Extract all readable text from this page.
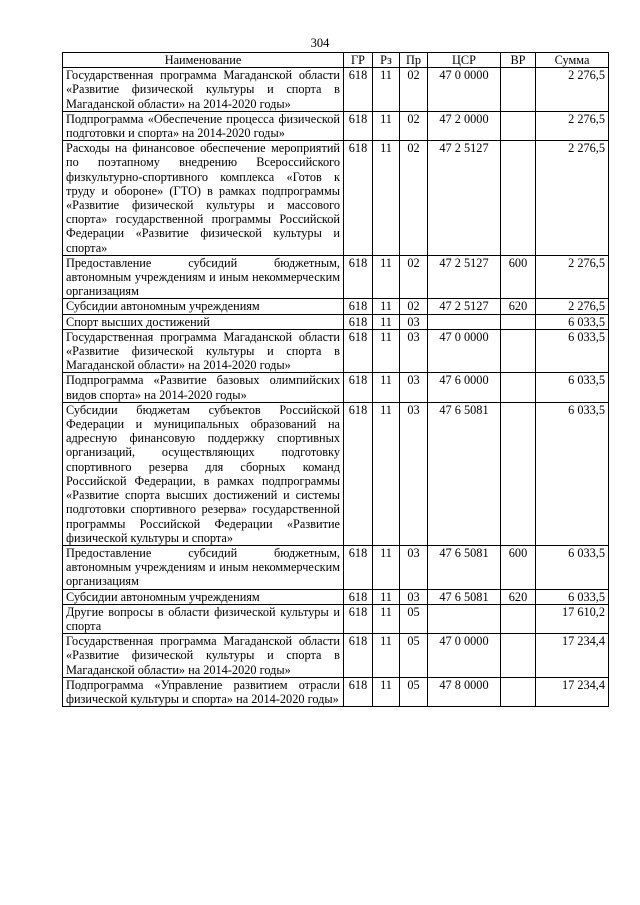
304
Наименование	ГР	Рз	Пр	ЦСР	ВР	Сумма
Государственная программа Магаданской области «Развитие физической культуры и спорта в Магаданской области» на 2014-2020 годы»	618	11	02	47 0 0000		2 276,5
Подпрограмма «Обеспечение процесса физической подготовки и спорта» на 2014-2020 годы»	618	11	02	47 2 0000		2 276,5
Расходы на финансовое обеспечение мероприятий по поэтапному внедрению Всероссийского физкультурно-спортивного комплекса «Готов к труду и обороне» (ГТО) в рамках подпрограммы «Развитие физической культуры и массового спорта» государственной программы Российской Федерации «Развитие физической культуры и спорта»	618	11	02	47 2 5127		2 276,5
Предоставление субсидий бюджетным, автономным учреждениям и иным некоммерческим организациям	618	11	02	47 2 5127	600	2 276,5
Субсидии автономным учреждениям	618	11	02	47 2 5127	620	2 276,5
Спорт высших достижений	618	11	03			6 033,5
Государственная программа Магаданской области «Развитие физической культуры и спорта в Магаданской области» на 2014-2020 годы»	618	11	03	47 0 0000		6 033,5
Подпрограмма «Развитие базовых олимпийских видов спорта» на 2014-2020 годы»	618	11	03	47 6 0000		6 033,5
Субсидии бюджетам субъектов Российской Федерации и муниципальных образований на адресную финансовую поддержку спортивных организаций, осуществляющих подготовку спортивного резерва для сборных команд Российской Федерации, в рамках подпрограммы «Развитие спорта высших достижений и системы подготовки спортивного резерва» государственной программы Российской Федерации «Развитие физической культуры и спорта»	618	11	03	47 6 5081		6 033,5
Предоставление субсидий бюджетным, автономным учреждениям и иным некоммерческим организациям	618	11	03	47 6 5081	600	6 033,5
Субсидии автономным учреждениям	618	11	03	47 6 5081	620	6 033,5
Другие вопросы в области физической культуры и спорта	618	11	05			17 610,2
Государственная программа Магаданской области «Развитие физической культуры и спорта в Магаданской области» на 2014-2020 годы»	618	11	05	47 0 0000		17 234,4
Подпрограмма «Управление развитием отрасли физической культуры и спорта» на 2014-2020 годы»	618	11	05	47 8 0000		17 234,4
